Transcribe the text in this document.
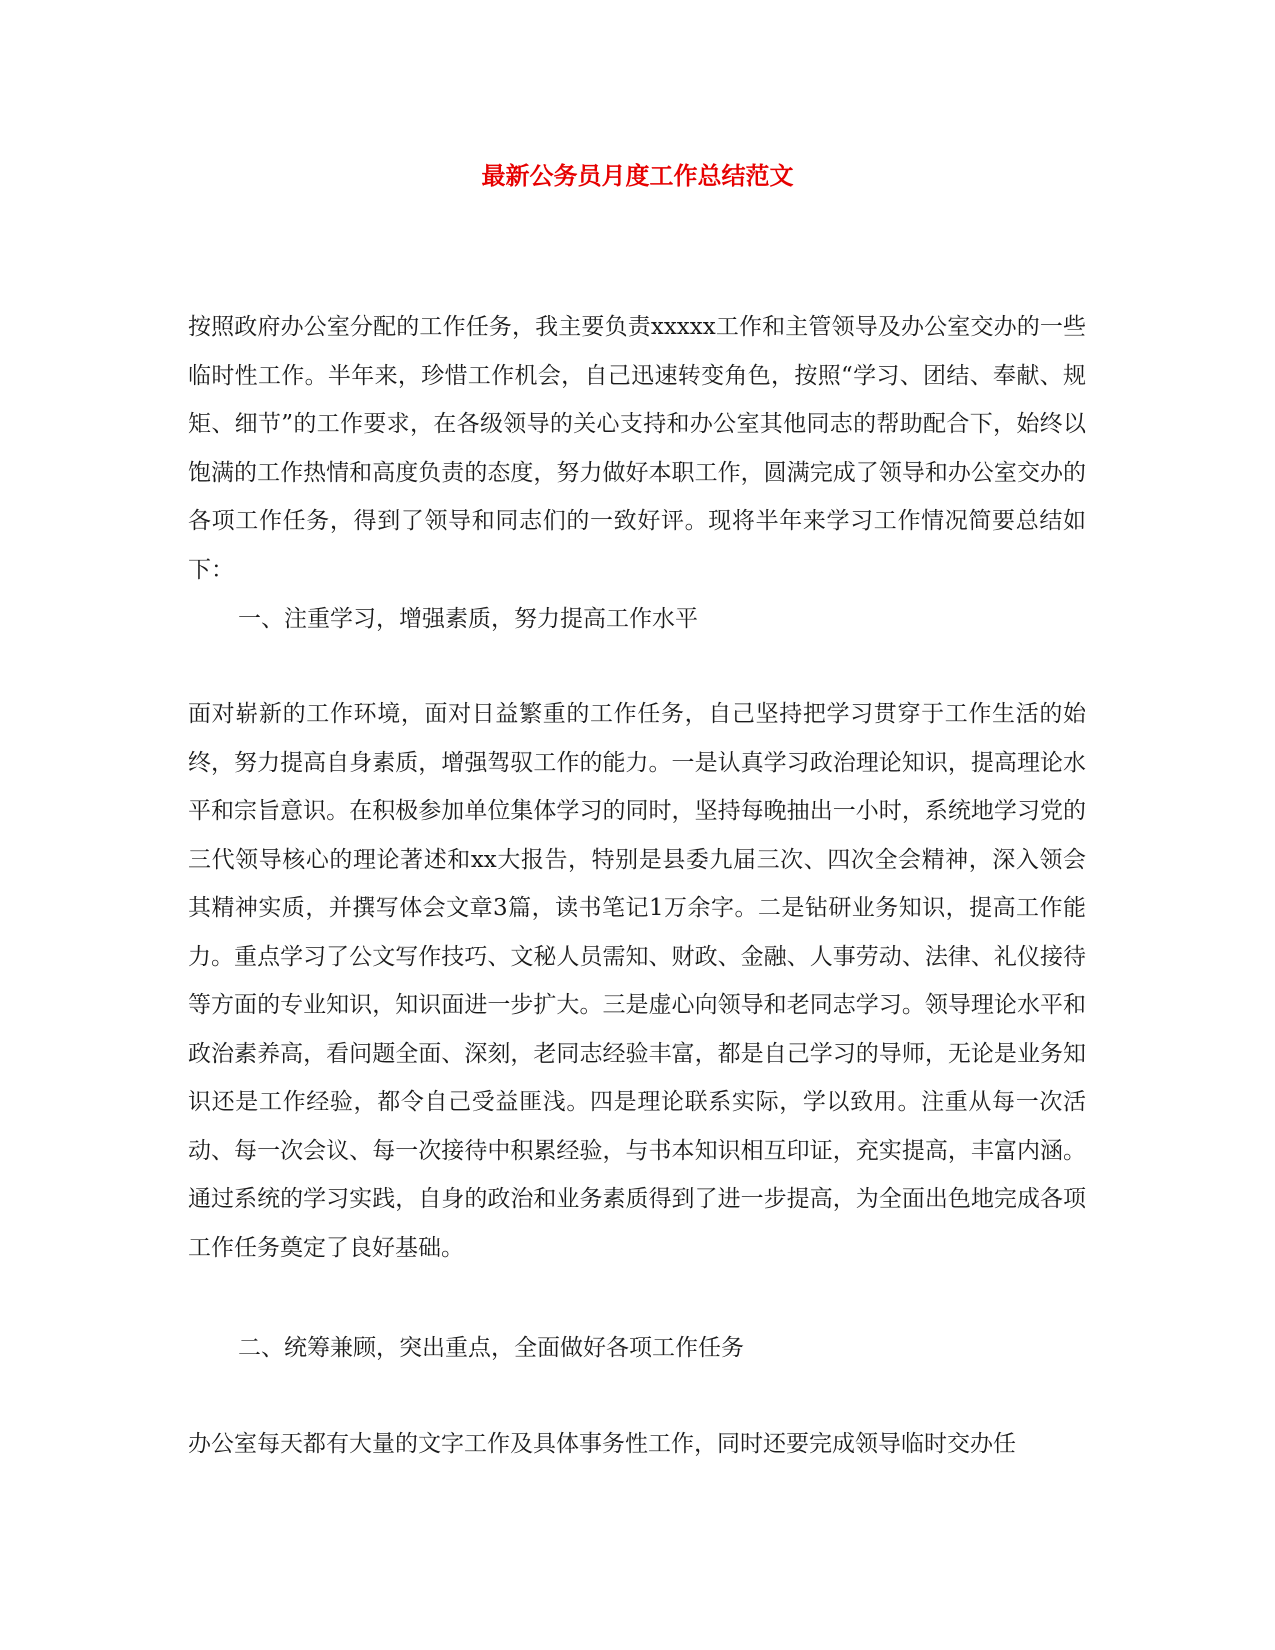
最新公务员月度工作总结范文

按照政府办公室分配的工作任务，我主要负责xxxxx工作和主管领导及办公室交办的一些临时性工作。半年来，珍惜工作机会，自己迅速转变角色，按照“学习、团结、奉献、规矩、细节”的工作要求，在各级领导的关心支持和办公室其他同志的帮助配合下，始终以饱满的工作热情和高度负责的态度，努力做好本职工作，圆满完成了领导和办公室交办的各项工作任务，得到了领导和同志们的一致好评。现将半年来学习工作情况简要总结如下：

一、注重学习，增强素质，努力提高工作水平

面对崭新的工作环境，面对日益繁重的工作任务，自己坚持把学习贯穿于工作生活的始终，努力提高自身素质，增强驾驭工作的能力。一是认真学习政治理论知识，提高理论水平和宗旨意识。在积极参加单位集体学习的同时，坚持每晚抽出一小时，系统地学习党的三代领导核心的理论著述和xx大报告，特别是县委九届三次、四次全会精神，深入领会其精神实质，并撰写体会文章3篇，读书笔记1万余字。二是钻研业务知识，提高工作能力。重点学习了公文写作技巧、文秘人员需知、财政、金融、人事劳动、法律、礼仪接待等方面的专业知识，知识面进一步扩大。三是虚心向领导和老同志学习。领导理论水平和政治素养高，看问题全面、深刻，老同志经验丰富，都是自己学习的导师，无论是业务知识还是工作经验，都令自己受益匪浅。四是理论联系实际，学以致用。注重从每一次活动、每一次会议、每一次接待中积累经验，与书本知识相互印证，充实提高，丰富内涵。通过系统的学习实践，自身的政治和业务素质得到了进一步提高，为全面出色地完成各项工作任务奠定了良好基础。

二、统筹兼顾，突出重点，全面做好各项工作任务

办公室每天都有大量的文字工作及具体事务性工作，同时还要完成领导临时交办任
